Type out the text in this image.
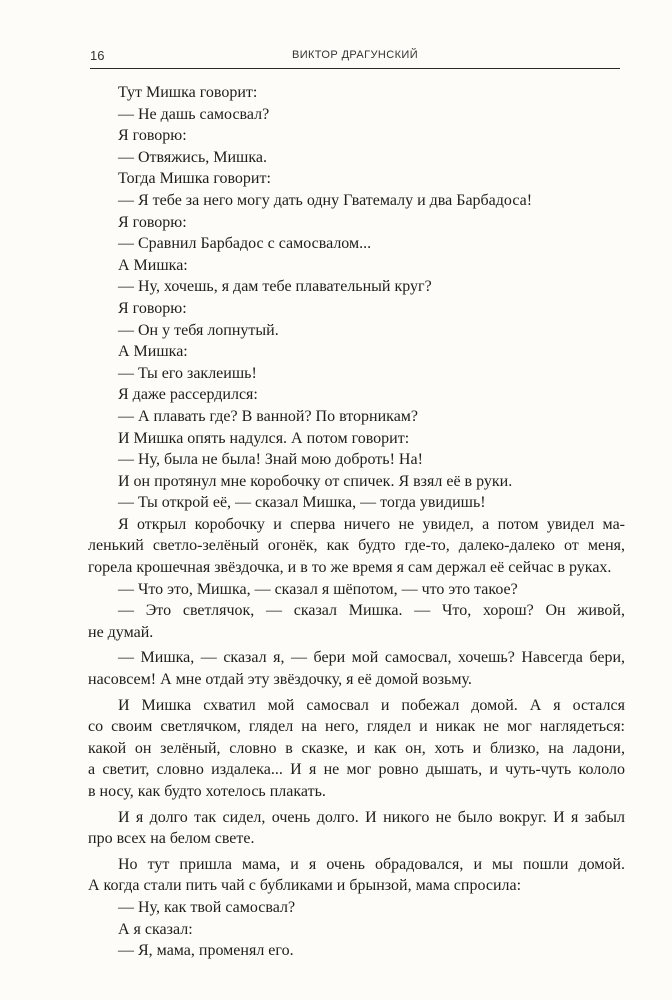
16	ВИКТОР ДРАГУНСКИЙ
Тут Мишка говорит:
— Не дашь самосвал?
Я говорю:
— Отвяжись, Мишка.
Тогда Мишка говорит:
— Я тебе за него могу дать одну Гватемалу и два Барбадоса!
Я говорю:
— Сравнил Барбадос с самосвалом...
А Мишка:
— Ну, хочешь, я дам тебе плавательный круг?
Я говорю:
— Он у тебя лопнутый.
А Мишка:
— Ты его заклеишь!
Я даже рассердился:
— А плавать где? В ванной? По вторникам?
И Мишка опять надулся. А потом говорит:
— Ну, была не была! Знай мою доброть! На!
И он протянул мне коробочку от спичек. Я взял её в руки.
— Ты открой её, — сказал Мишка, — тогда увидишь!
Я открыл коробочку и сперва ничего не увидел, а потом увидел ма-
ленький светло-зелёный огонёк, как будто где-то, далеко-далеко от меня,
горела крошечная звёздочка, и в то же время я сам держал её сейчас в руках.
— Что это, Мишка, — сказал я шёпотом, — что это такое?
— Это светлячок, — сказал Мишка. — Что, хорош? Он живой,
не думай.
— Мишка, — сказал я, — бери мой самосвал, хочешь? Навсегда бери,
насовсем! А мне отдай эту звёздочку, я её домой возьму.
И Мишка схватил мой самосвал и побежал домой. А я остался
со своим светлячком, глядел на него, глядел и никак не мог наглядеться:
какой он зелёный, словно в сказке, и как он, хоть и близко, на ладони,
а светит, словно издалека... И я не мог ровно дышать, и чуть-чуть кололо
в носу, как будто хотелось плакать.
И я долго так сидел, очень долго. И никого не было вокруг. И я забыл
про всех на белом свете.
Но тут пришла мама, и я очень обрадовался, и мы пошли домой.
А когда стали пить чай с бубликами и брынзой, мама спросила:
— Ну, как твой самосвал?
А я сказал:
— Я, мама, променял его.
